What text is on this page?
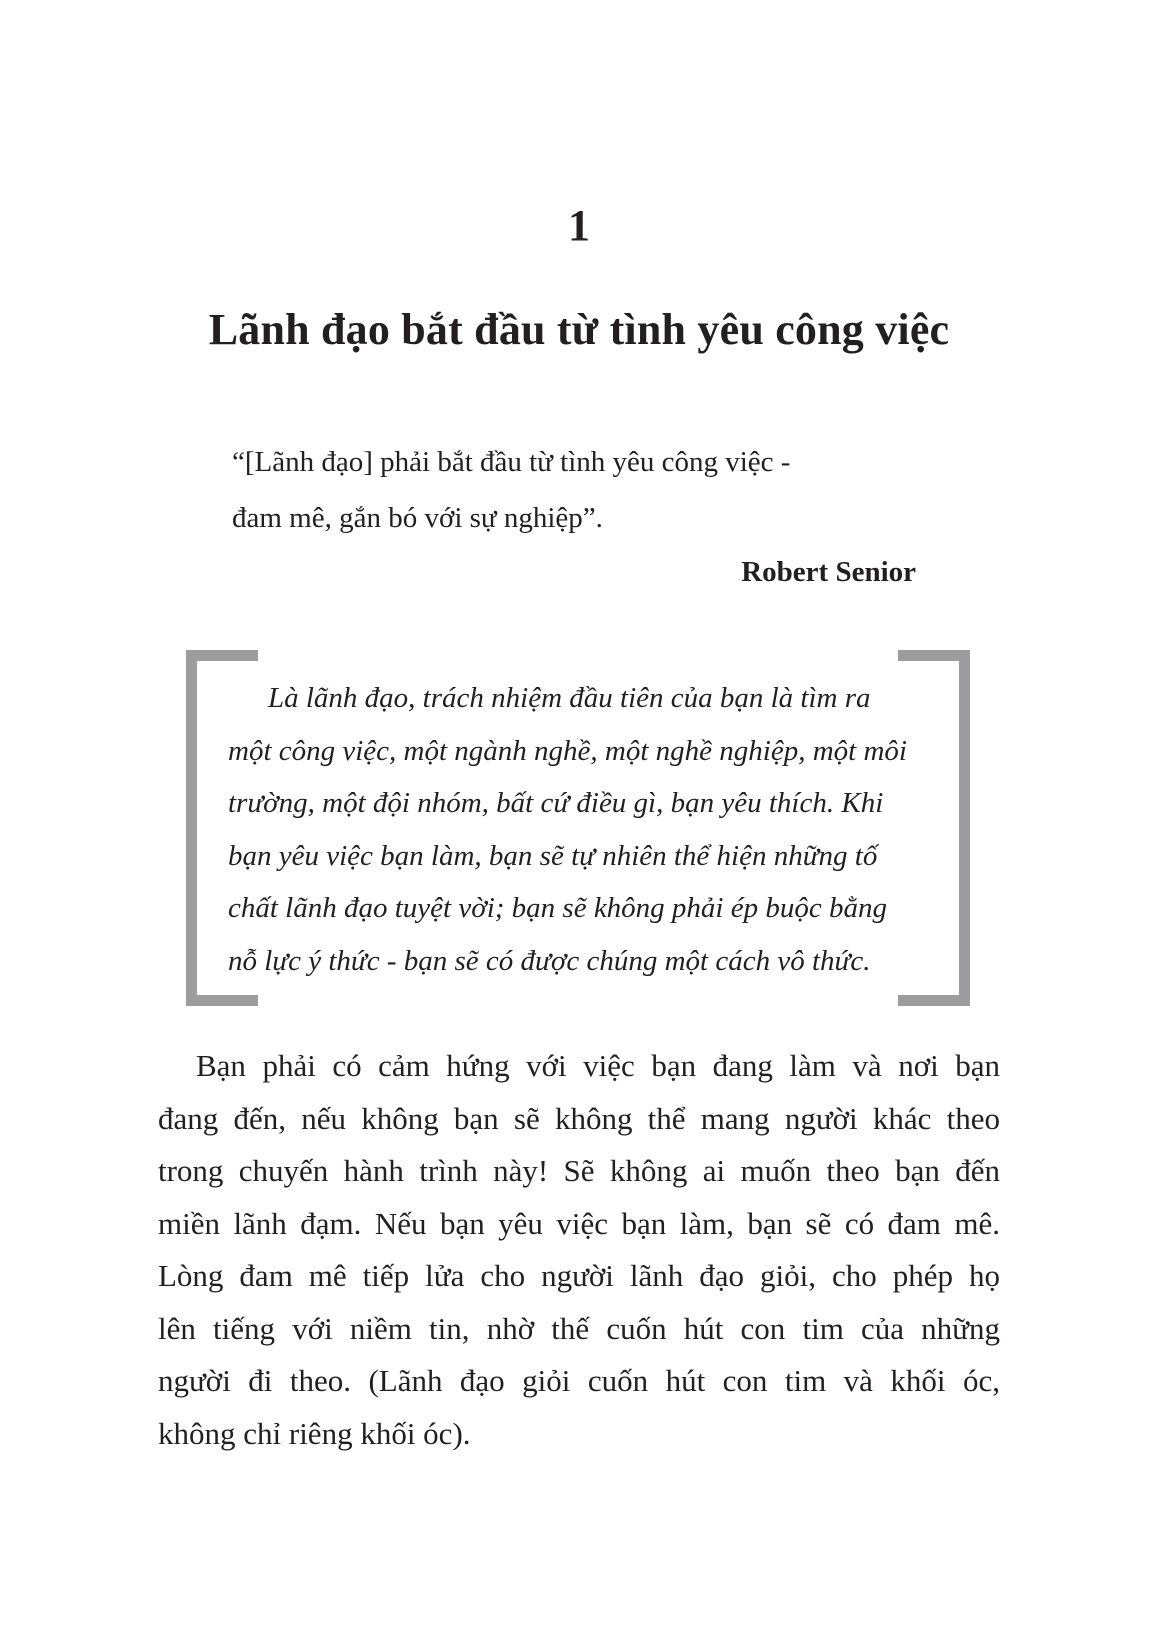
1
Lãnh đạo bắt đầu từ tình yêu công việc
“[Lãnh đạo] phải bắt đầu từ tình yêu công việc -
đam mê, gắn bó với sự nghiệp”.
Robert Senior
Là lãnh đạo, trách nhiệm đầu tiên của bạn là tìm ra
một công việc, một ngành nghề, một nghề nghiệp, một môi
trường, một đội nhóm, bất cứ điều gì, bạn yêu thích. Khi
bạn yêu việc bạn làm, bạn sẽ tự nhiên thể hiện những tố
chất lãnh đạo tuyệt vời; bạn sẽ không phải ép buộc bằng
nỗ lực ý thức - bạn sẽ có được chúng một cách vô thức.
Bạn phải có cảm hứng với việc bạn đang làm và nơi bạn
đang đến, nếu không bạn sẽ không thể mang người khác theo
trong chuyến hành trình này! Sẽ không ai muốn theo bạn đến
miền lãnh đạm. Nếu bạn yêu việc bạn làm, bạn sẽ có đam mê.
Lòng đam mê tiếp lửa cho người lãnh đạo giỏi, cho phép họ
lên tiếng với niềm tin, nhờ thế cuốn hút con tim của những
người đi theo. (Lãnh đạo giỏi cuốn hút con tim và khối óc,
không chỉ riêng khối óc).
